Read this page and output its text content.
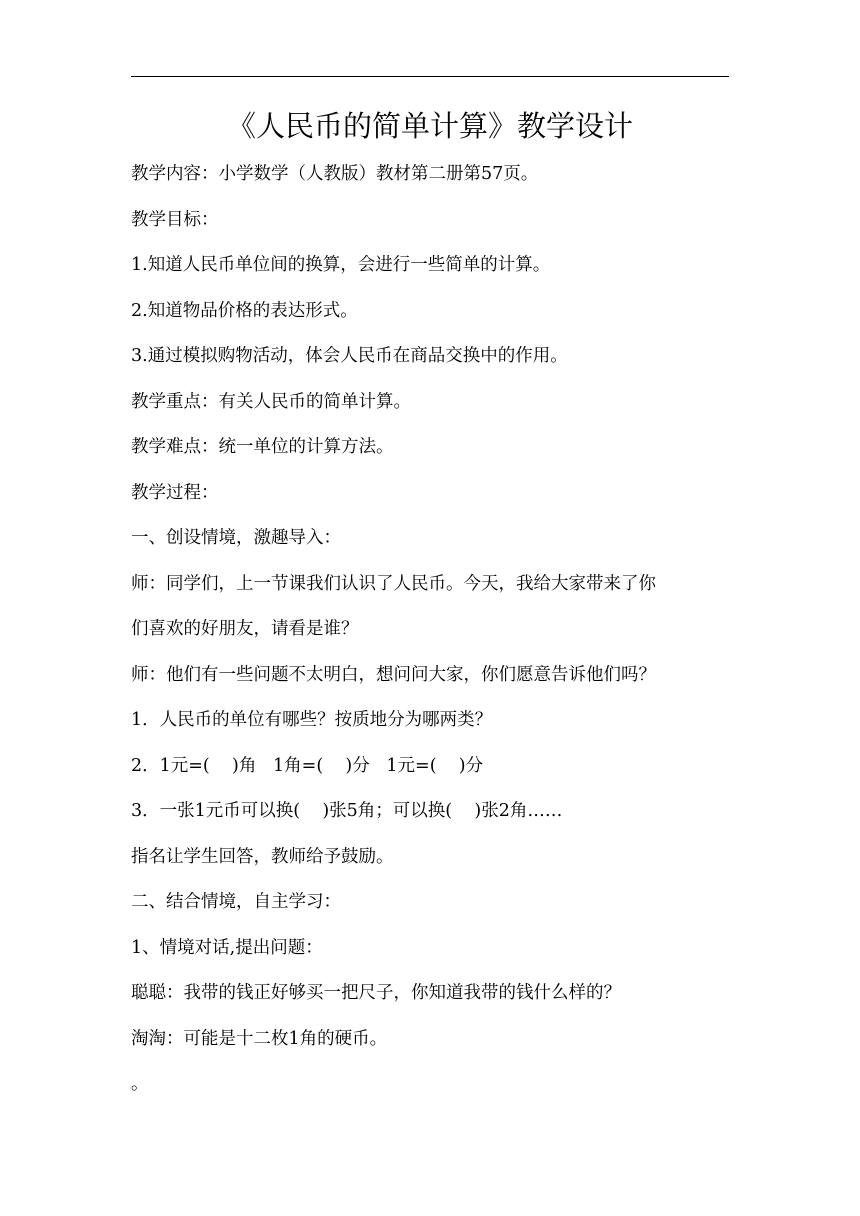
《人民币的简单计算》教学设计
教学内容：小学数学（人教版）教材第二册第57页。
教学目标：
1.知道人民币单位间的换算，会进行一些简单的计算。
2.知道物品价格的表达形式。
3.通过模拟购物活动，体会人民币在商品交换中的作用。
教学重点：有关人民币的简单计算。
教学难点：统一单位的计算方法。
教学过程：
一、创设情境，激趣导入：
师：同学们，上一节课我们认识了人民币。今天，我给大家带来了你
们喜欢的好朋友，请看是谁？
师：他们有一些问题不太明白，想问问大家，你们愿意告诉他们吗？
1．人民币的单位有哪些？按质地分为哪两类？
2．1元=(    )角   1角=(    )分   1元=(    )分
3．一张1元币可以换(    )张5角；可以换(    )张2角……
指名让学生回答，教师给予鼓励。
二、结合情境，自主学习：
1、情境对话,提出问题：
聪聪：我带的钱正好够买一把尺子，你知道我带的钱什么样的？
淘淘：可能是十二枚1角的硬币。
。
